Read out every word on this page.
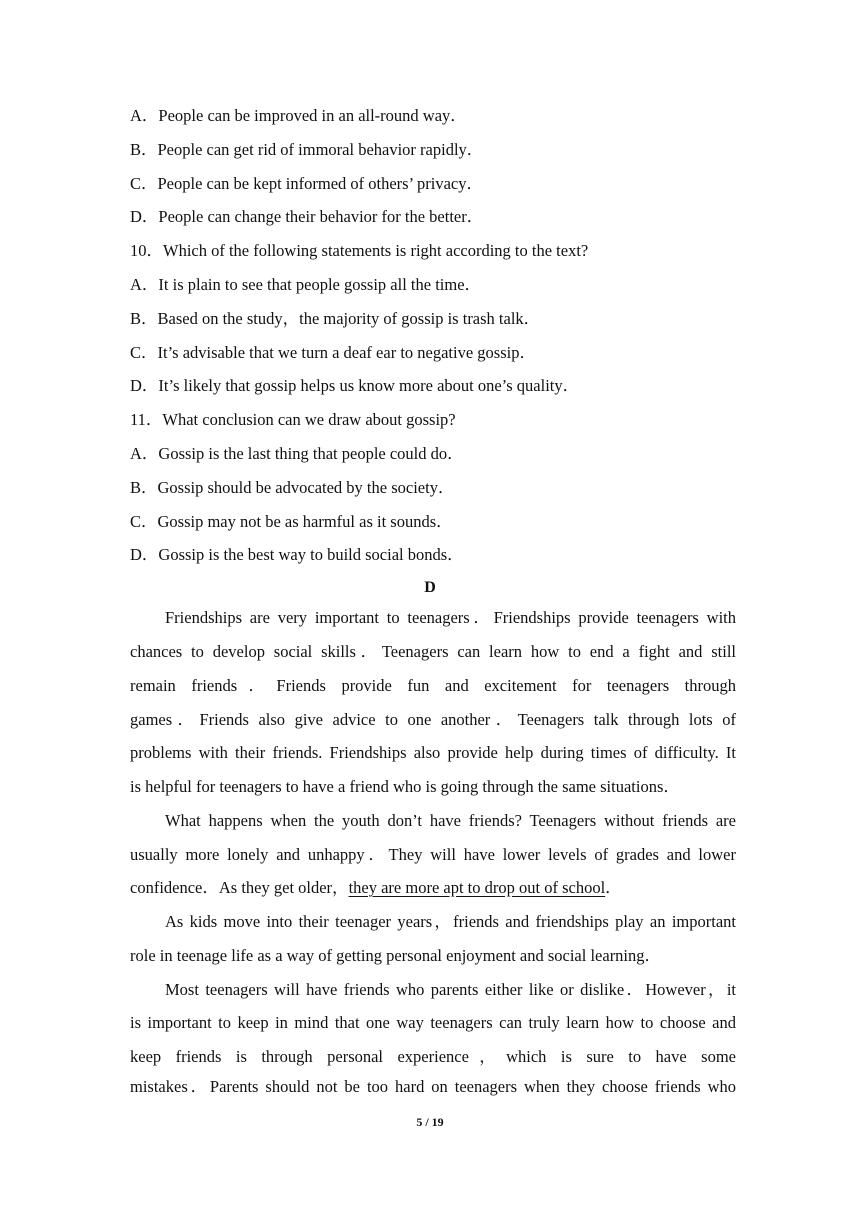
A．People can be improved in an all-round way．
B．People can get rid of immoral behavior rapidly．
C．People can be kept informed of others’ privacy．
D．People can change their behavior for the better．
10．Which of the following statements is right according to the text?
A．It is plain to see that people gossip all the time．
B．Based on the study，the majority of gossip is trash talk．
C．It’s advisable that we turn a deaf ear to negative gossip．
D．It’s likely that gossip helps us know more about one’s quality．
11．What conclusion can we draw about gossip?
A．Gossip is the last thing that people could do．
B．Gossip should be advocated by the society．
C．Gossip may not be as harmful as it sounds．
D．Gossip is the best way to build social bonds．
D
Friendships are very important to teenagers．Friendships provide teenagers with
chances to develop social skills．Teenagers can learn how to end a fight and still
remain friends．Friends provide fun and excitement for teenagers through
games．Friends also give advice to one another．Teenagers talk through lots of
problems with their friends. Friendships also provide help during times of difficulty. It
is helpful for teenagers to have a friend who is going through the same situations．
What happens when the youth don’t have friends? Teenagers without friends are
usually more lonely and unhappy．They will have lower levels of grades and lower
confidence．As they get older，they are more apt to drop out of school．
As kids move into their teenager years，friends and friendships play an important
role in teenage life as a way of getting personal enjoyment and social learning．
Most teenagers will have friends who parents either like or dislike．However，it
is important to keep in mind that one way teenagers can truly learn how to choose and
keep friends is through personal experience，which is sure to have some
mistakes．Parents should not be too hard on teenagers when they choose friends who
5 / 19
